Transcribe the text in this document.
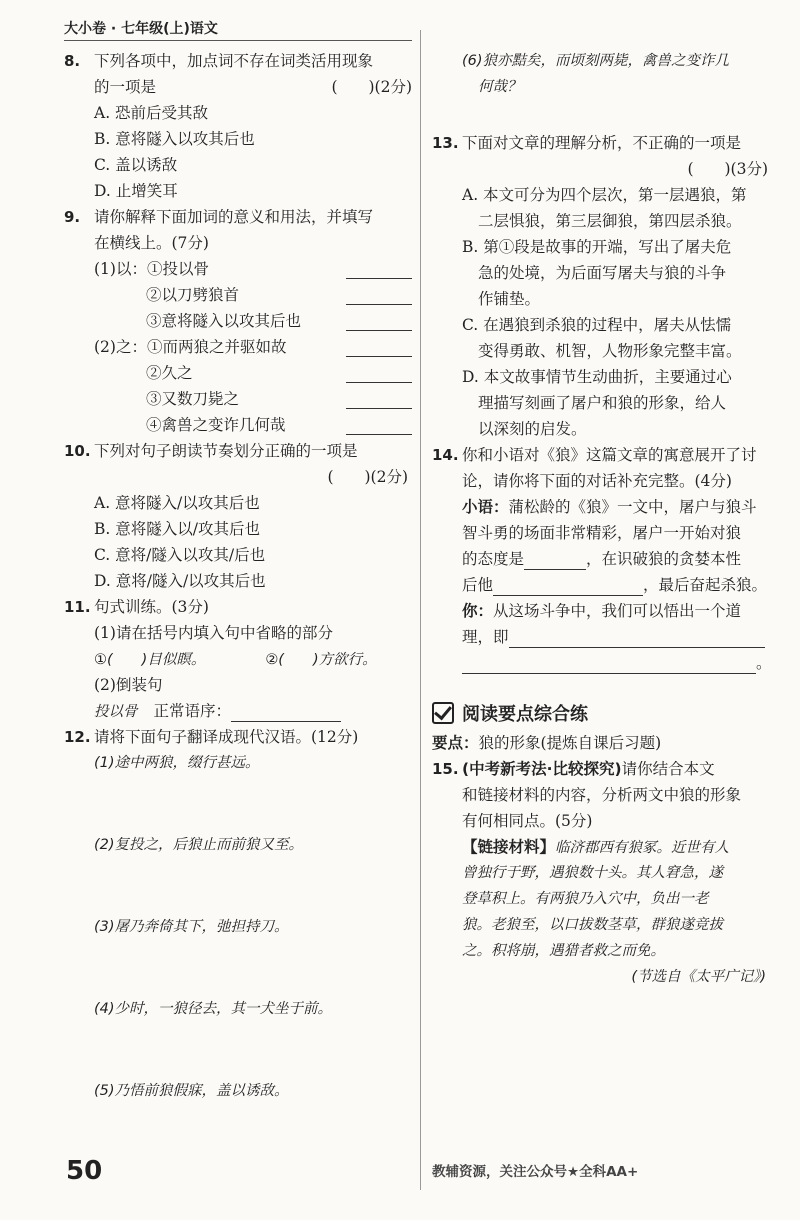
大小卷 · 七年级(上)语文
8. 下列各项中，加点词不存在词类活用现象
的一项是	(　　)(2分)
A. 恐前后受其敌
B. 意将隧入以攻其后也
C. 盖以诱敌
D. 止增笑耳
9. 请你解释下面加词的意义和用法，并填写
在横线上。(7分)
(1)以：①投以骨
②以刀劈狼首
③意将隧入以攻其后也
(2)之：①而两狼之并驱如故
②久之
③又数刀毙之
④禽兽之变诈几何哉
10. 下列对句子朗读节奏划分正确的一项是
(　　)(2分)
A. 意将隧入/以攻其后也
B. 意将隧入以/攻其后也
C. 意将/隧入以攻其/后也
D. 意将/隧入/以攻其后也
11. 句式训练。(3分)
(1)请在括号内填入句中省略的部分
①(　　)目似瞑。	②(　　)方欲行。
(2)倒装句
投以骨 正常语序：
12. 请将下面句子翻译成现代汉语。(12分)
(1)途中两狼，缀行甚远。
(2)复投之，后狼止而前狼又至。
(3)屠乃奔倚其下，弛担持刀。
(4)少时，一狼径去，其一犬坐于前。
(5)乃悟前狼假寐，盖以诱敌。
(6)狼亦黠矣，而顷刻两毙，禽兽之变诈几
何哉？
13. 下面对文章的理解分析，不正确的一项是
(　　)(3分)
A. 本文可分为四个层次，第一层遇狼，第
二层惧狼，第三层御狼，第四层杀狼。
B. 第①段是故事的开端，写出了屠夫危
急的处境，为后面写屠夫与狼的斗争
作铺垫。
C. 在遇狼到杀狼的过程中，屠夫从怯懦
变得勇敢、机智，人物形象完整丰富。
D. 本文故事情节生动曲折，主要通过心
理描写刻画了屠户和狼的形象，给人
以深刻的启发。
14. 你和小语对《狼》这篇文章的寓意展开了讨
论，请你将下面的对话补充完整。(4分)
小语：蒲松龄的《狼》一文中，屠户与狼斗
智斗勇的场面非常精彩，屠户一开始对狼
的态度是	，在识破狼的贪婪本性
后他	，最后奋起杀狼。
你：从这场斗争中，我们可以悟出一个道
理，即
。
阅读要点综合练
要点：狼的形象(提炼自课后习题)
15. (中考新考法·比较探究)请你结合本文
和链接材料的内容，分析两文中狼的形象
有何相同点。(5分)
【链接材料】临济郡西有狼冢。近世有人
曾独行于野，遇狼数十头。其人窘急，遂
登草积上。有两狼乃入穴中，负出一老
狼。老狼至，以口拔数茎草，群狼遂竞拔
之。积将崩，遇猎者救之而免。
(节选自《太平广记》)
50	教辅资源，关注公众号★全科AA+
